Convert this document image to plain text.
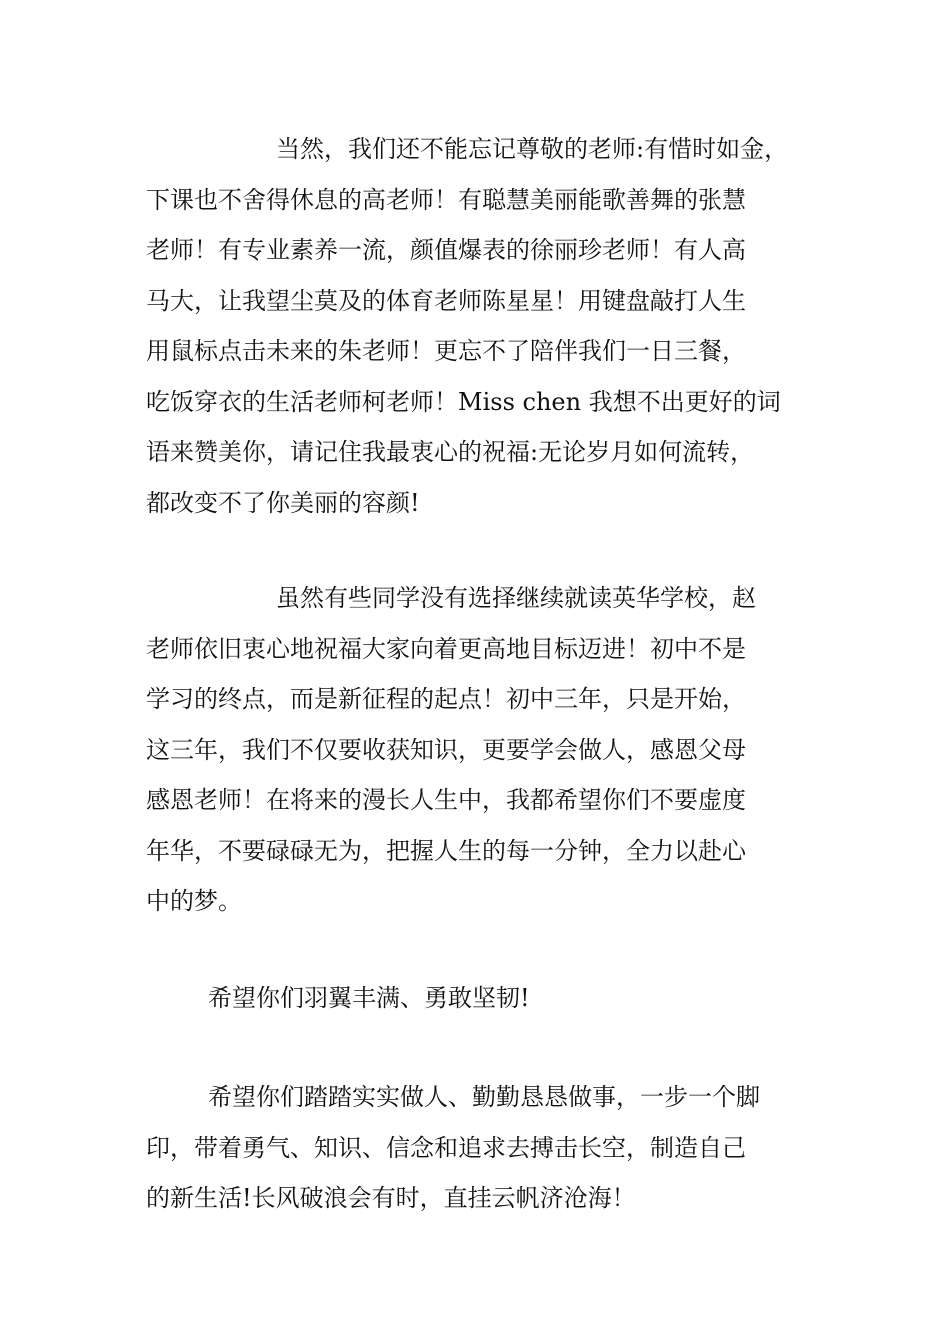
当然，我们还不能忘记尊敬的老师:有惜时如金，
下课也不舍得休息的高老师！有聪慧美丽能歌善舞的张慧
老师！有专业素养一流，颜值爆表的徐丽珍老师！有人高
马大，让我望尘莫及的体育老师陈星星！用键盘敲打人生
用鼠标点击未来的朱老师！更忘不了陪伴我们一日三餐，
吃饭穿衣的生活老师柯老师！Miss chen 我想不出更好的词
语来赞美你，请记住我最衷心的祝福:无论岁月如何流转，
都改变不了你美丽的容颜!
虽然有些同学没有选择继续就读英华学校，赵
老师依旧衷心地祝福大家向着更高地目标迈进！初中不是
学习的终点，而是新征程的起点！初中三年，只是开始，
这三年，我们不仅要收获知识，更要学会做人，感恩父母
感恩老师！在将来的漫长人生中，我都希望你们不要虚度
年华，不要碌碌无为，把握人生的每一分钟，全力以赴心
中的梦。
希望你们羽翼丰满、勇敢坚韧!
希望你们踏踏实实做人、勤勤恳恳做事，一步一个脚
印，带着勇气、知识、信念和追求去搏击长空，制造自己
的新生活!长风破浪会有时，直挂云帆济沧海！
